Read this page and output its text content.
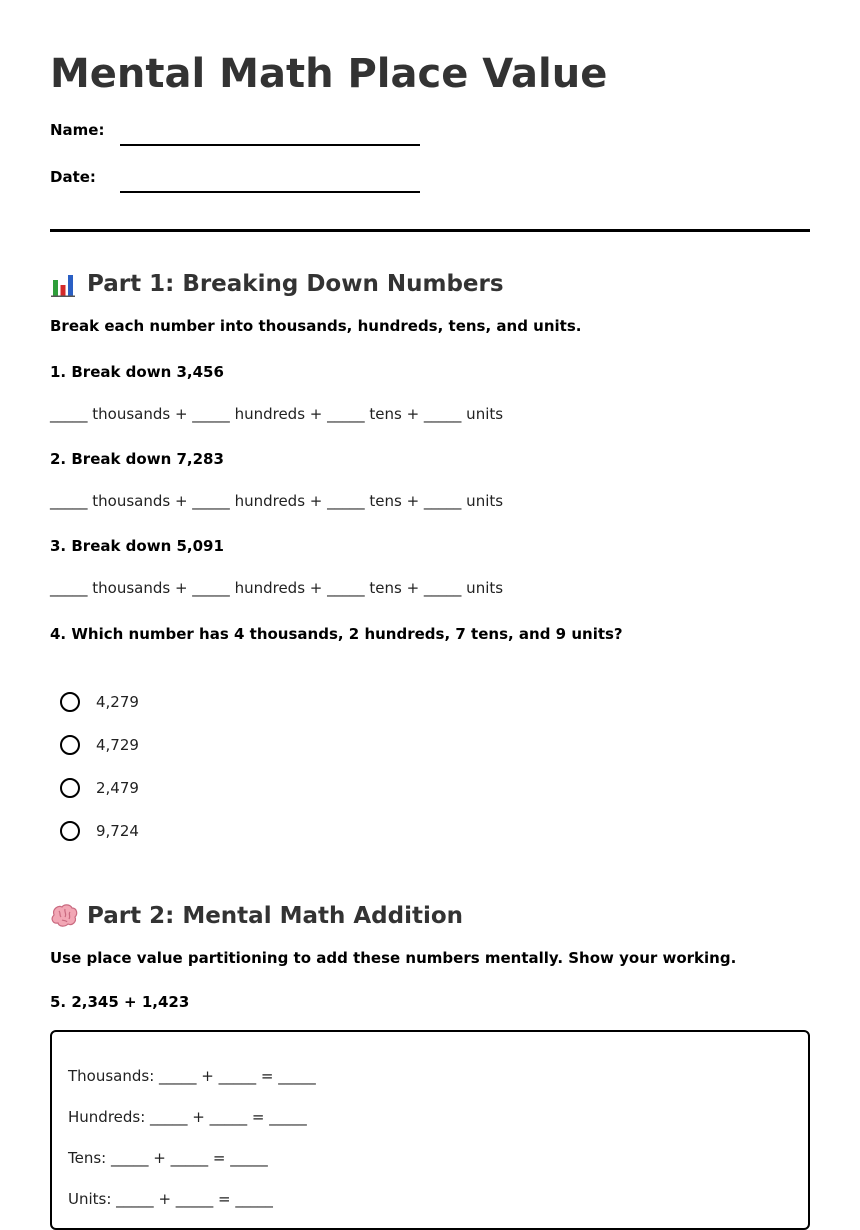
Mental Math Place Value
Name:
Date:
Part 1: Breaking Down Numbers
Break each number into thousands, hundreds, tens, and units.
1. Break down 3,456
_____ thousands + _____ hundreds + _____ tens + _____ units
2. Break down 7,283
_____ thousands + _____ hundreds + _____ tens + _____ units
3. Break down 5,091
_____ thousands + _____ hundreds + _____ tens + _____ units
4. Which number has 4 thousands, 2 hundreds, 7 tens, and 9 units?
4,279
4,729
2,479
9,724
Part 2: Mental Math Addition
Use place value partitioning to add these numbers mentally. Show your working.
5. 2,345 + 1,423
Thousands: _____ + _____ = _____
Hundreds: _____ + _____ = _____
Tens: _____ + _____ = _____
Units: _____ + _____ = _____
